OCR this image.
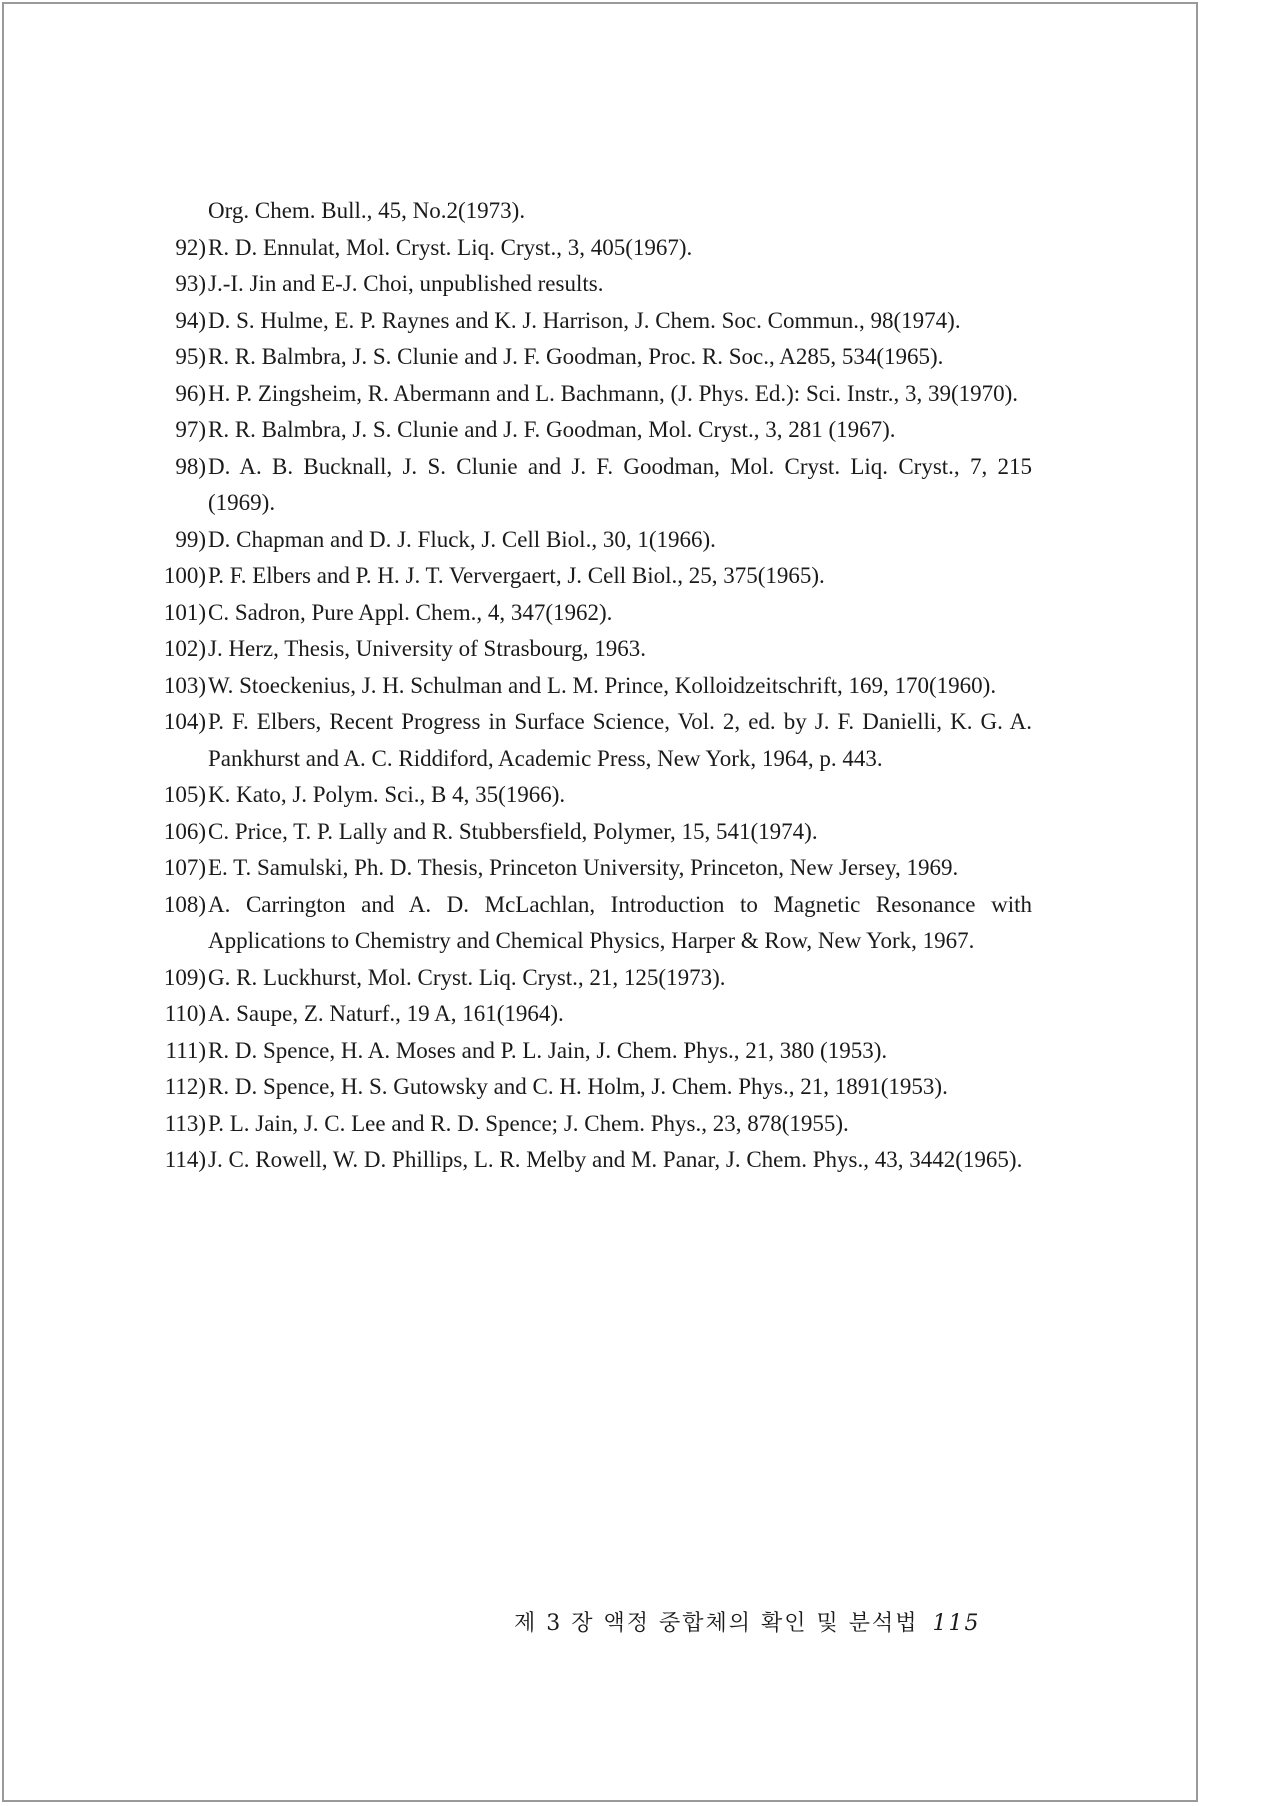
Org. Chem. Bull., 45, No.2(1973).
92) R. D. Ennulat, Mol. Cryst. Liq. Cryst., 3, 405(1967).
93) J.-I. Jin and E-J. Choi, unpublished results.
94) D. S. Hulme, E. P. Raynes and K. J. Harrison, J. Chem. Soc. Commun., 98(1974).
95) R. R. Balmbra, J. S. Clunie and J. F. Goodman, Proc. R. Soc., A285, 534(1965).
96) H. P. Zingsheim, R. Abermann and L. Bachmann, (J. Phys. Ed.): Sci. Instr., 3, 39(1970).
97) R. R. Balmbra, J. S. Clunie and J. F. Goodman, Mol. Cryst., 3, 281 (1967).
98) D. A. B. Bucknall, J. S. Clunie and J. F. Goodman, Mol. Cryst. Liq. Cryst., 7, 215 (1969).
99) D. Chapman and D. J. Fluck, J. Cell Biol., 30, 1(1966).
100) P. F. Elbers and P. H. J. T. Ververgaert, J. Cell Biol., 25, 375(1965).
101) C. Sadron, Pure Appl. Chem., 4, 347(1962).
102) J. Herz, Thesis, University of Strasbourg, 1963.
103) W. Stoeckenius, J. H. Schulman and L. M. Prince, Kolloidzeitschrift, 169, 170(1960).
104) P. F. Elbers, Recent Progress in Surface Science, Vol. 2, ed. by J. F. Danielli, K. G. A. Pankhurst and A. C. Riddiford, Academic Press, New York, 1964, p. 443.
105) K. Kato, J. Polym. Sci., B 4, 35(1966).
106) C. Price, T. P. Lally and R. Stubbersfield, Polymer, 15, 541(1974).
107) E. T. Samulski, Ph. D. Thesis, Princeton University, Princeton, New Jersey, 1969.
108) A. Carrington and A. D. McLachlan, Introduction to Magnetic Resonance with Applications to Chemistry and Chemical Physics, Harper & Row, New York, 1967.
109) G. R. Luckhurst, Mol. Cryst. Liq. Cryst., 21, 125(1973).
110) A. Saupe, Z. Naturf., 19 A, 161(1964).
111) R. D. Spence, H. A. Moses and P. L. Jain, J. Chem. Phys., 21, 380 (1953).
112) R. D. Spence, H. S. Gutowsky and C. H. Holm, J. Chem. Phys., 21, 1891(1953).
113) P. L. Jain, J. C. Lee and R. D. Spence; J. Chem. Phys., 23, 878(1955).
114) J. C. Rowell, W. D. Phillips, L. R. Melby and M. Panar, J. Chem. Phys., 43, 3442(1965).
제 3 장 액정 중합체의 확인 및 분석법 115
